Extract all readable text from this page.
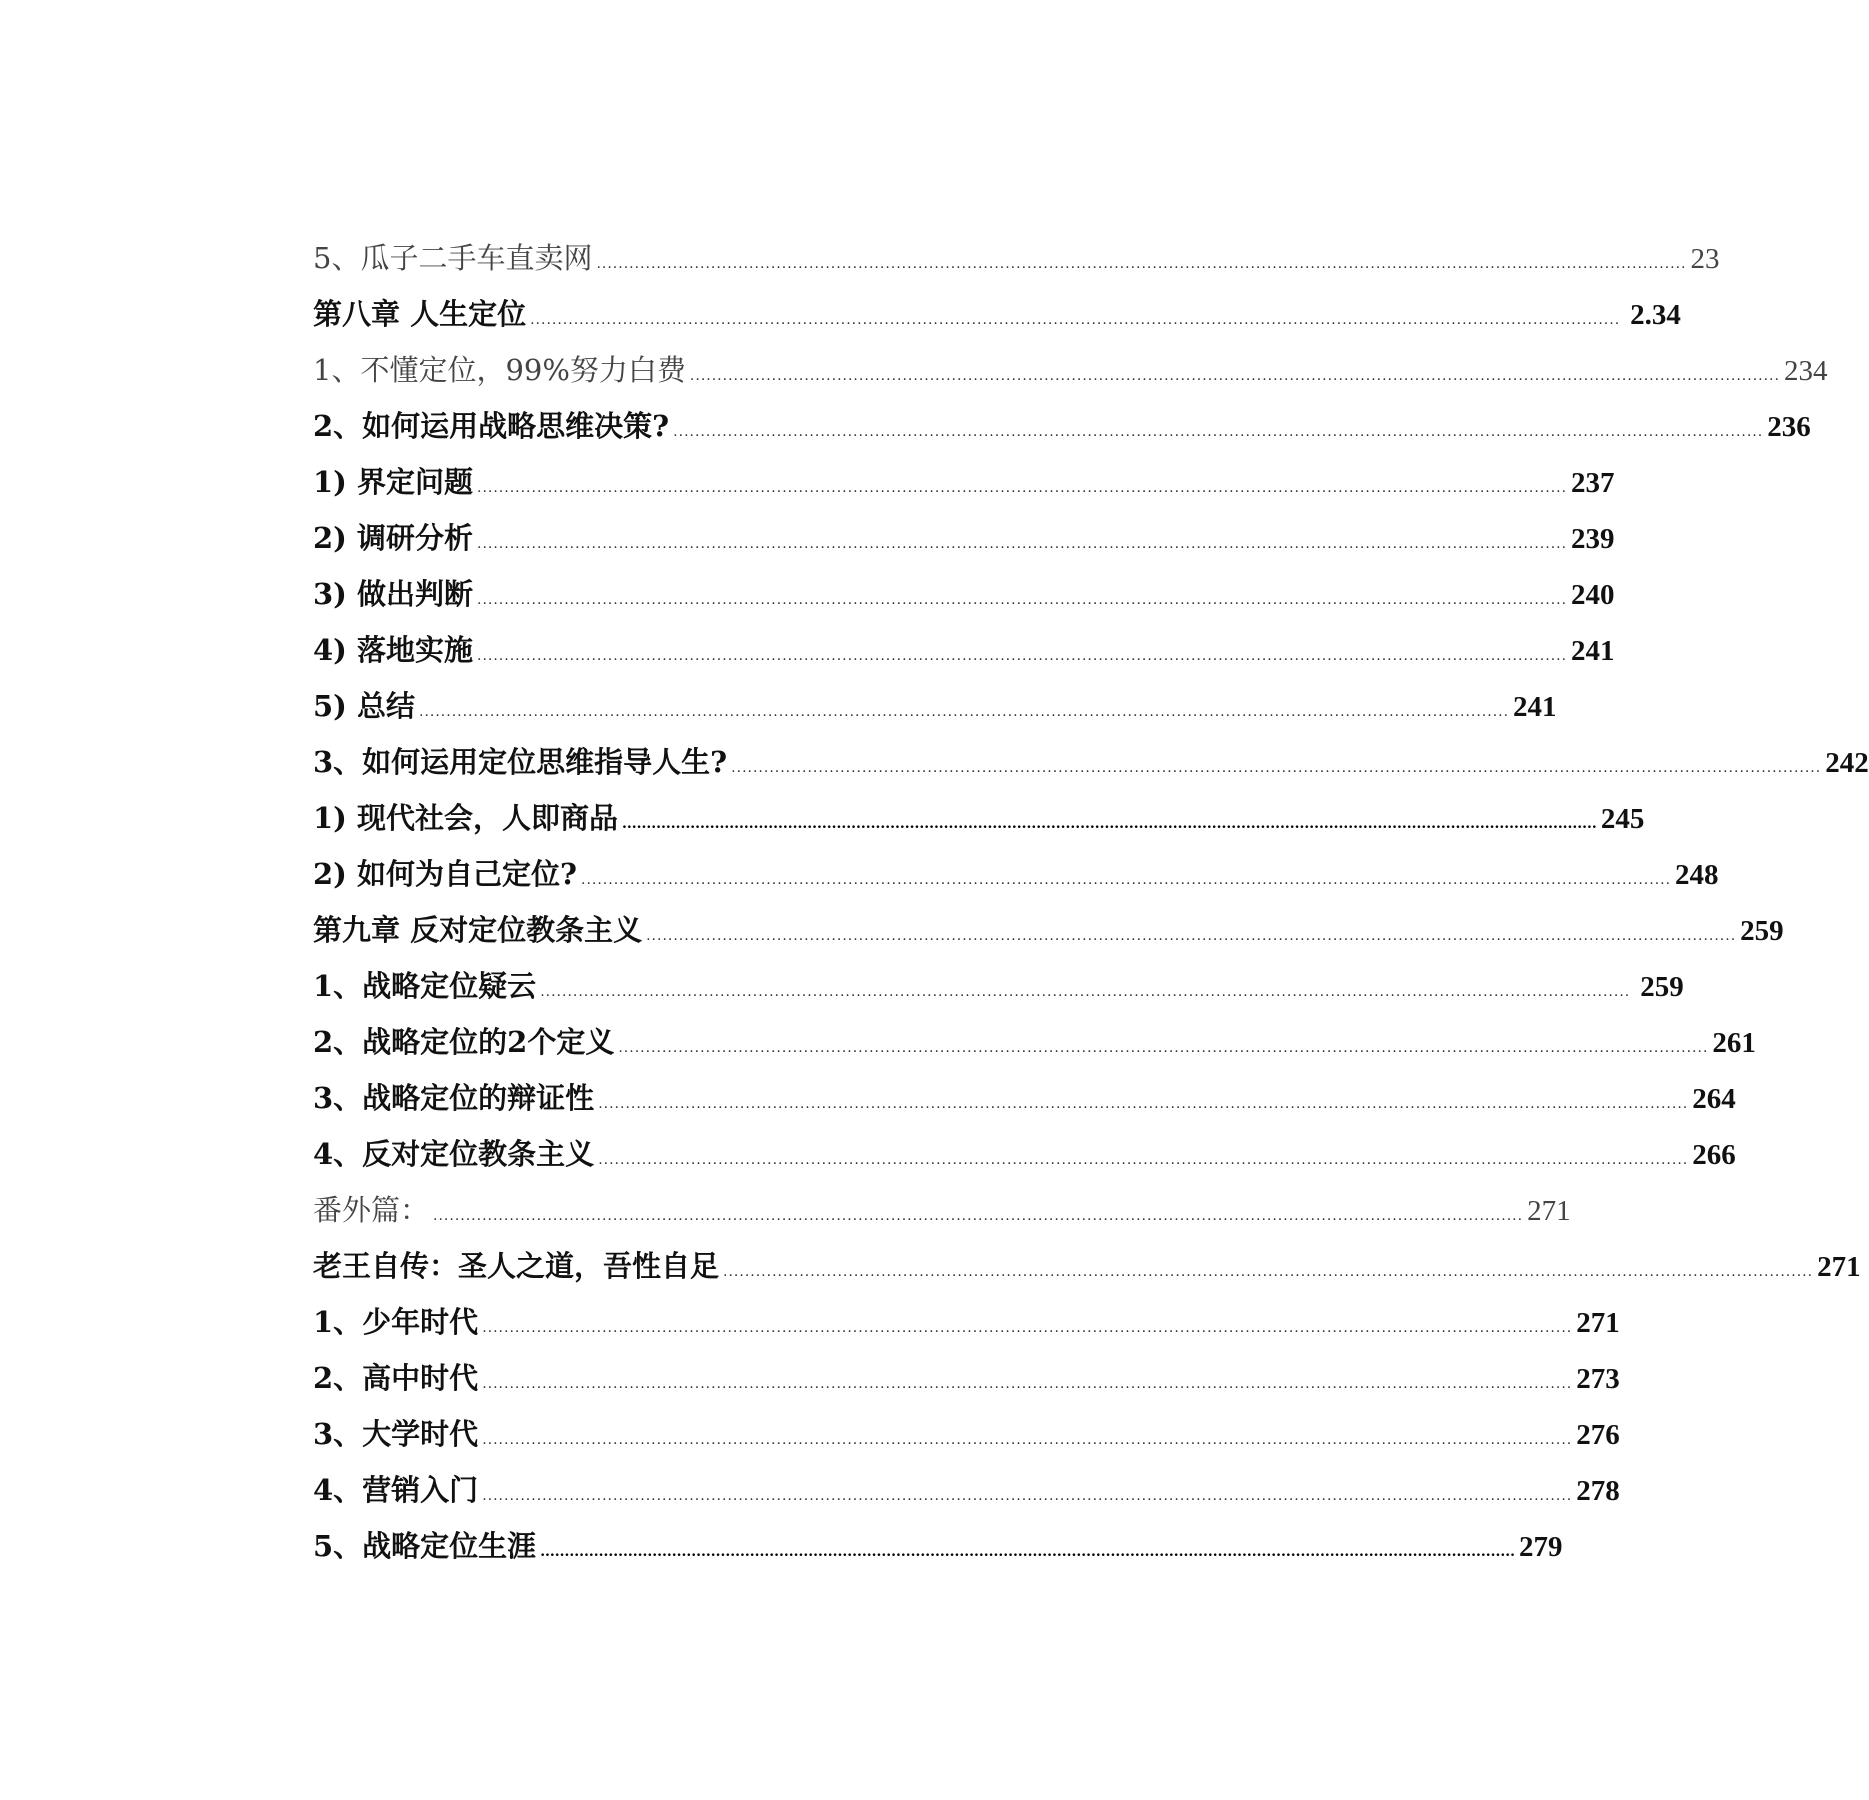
5、瓜子二手车直卖网 ........................................................................................................................................................................................................ 23
第八章 人生定位 ........................................................................................................................................................................................................ 2.34
1、不懂定位，99%努力白费 ........................................................................................................................................................................................................ 234
2、如何运用战略思维决策? ........................................................................................................................................................................................................ 236
1) 界定问题 ........................................................................................................................................................................................................ 237
2) 调研分析 ........................................................................................................................................................................................................ 239
3) 做出判断 ........................................................................................................................................................................................................ 240
4) 落地实施 ........................................................................................................................................................................................................ 241
5) 总结 ........................................................................................................................................................................................................ 241
3、如何运用定位思维指导人生? ........................................................................................................................................................................................................ 242
1) 现代社会，人即商品 ........................................................................................................................................................................................................ 245
2) 如何为自己定位? ........................................................................................................................................................................................................ 248
第九章 反对定位教条主义 ........................................................................................................................................................................................................ 259
1、战略定位疑云 ........................................................................................................................................................................................................ 259
2、战略定位的2个定义 ........................................................................................................................................................................................................ 261
3、战略定位的辩证性 ........................................................................................................................................................................................................ 264
4、反对定位教条主义 ........................................................................................................................................................................................................ 266
番外篇： ........................................................................................................................................................................................................ 271
老王自传：圣人之道，吾性自足 ........................................................................................................................................................................................................ 271
1、少年时代 ........................................................................................................................................................................................................ 271
2、高中时代 ........................................................................................................................................................................................................ 273
3、大学时代 ........................................................................................................................................................................................................ 276
4、营销入门 ........................................................................................................................................................................................................ 278
5、战略定位生涯 ........................................................................................................................................................................................................ 279
